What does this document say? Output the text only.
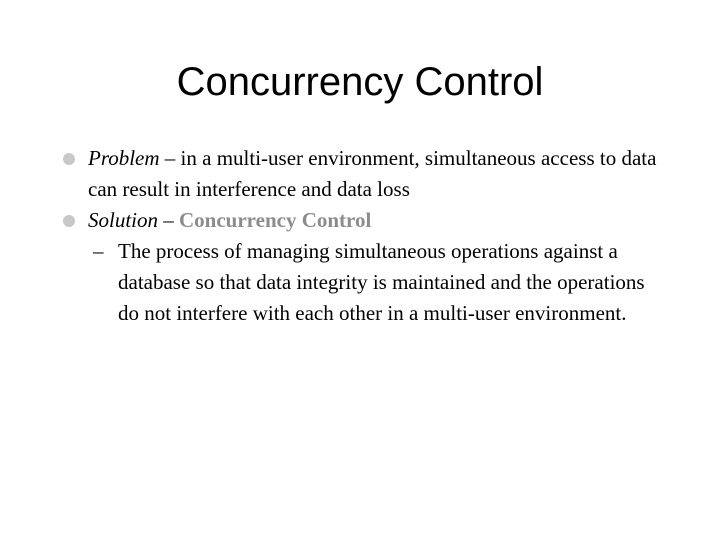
Concurrency Control
Problem – in a multi-user environment, simultaneous access to data can result in interference and data loss
Solution – Concurrency Control
– The process of managing simultaneous operations against a database so that data integrity is maintained and the operations do not interfere with each other in a multi-user environment.
